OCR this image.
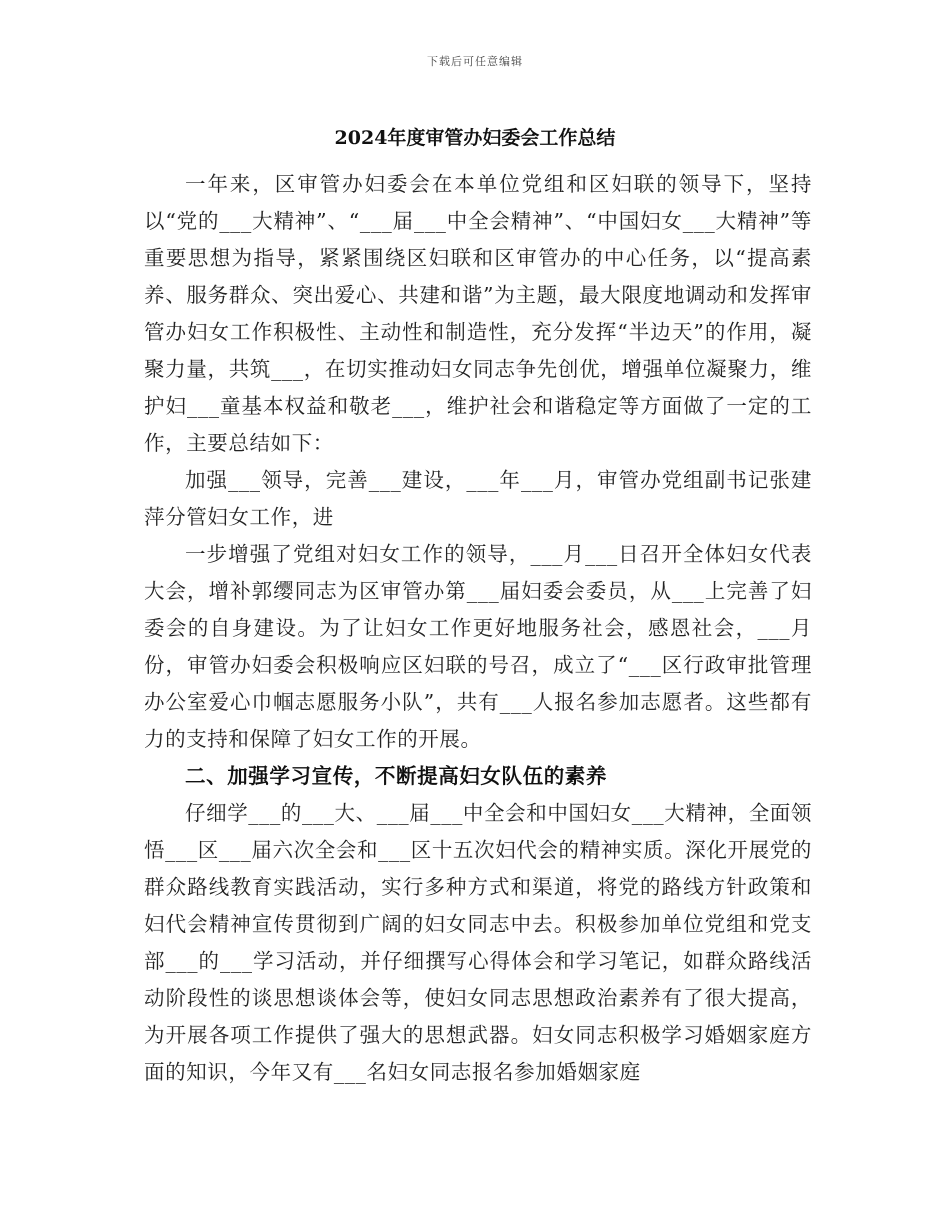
下载后可任意编辑
2024年度审管办妇委会工作总结

一年来，区审管办妇委会在本单位党组和区妇联的领导下，坚持以“党的___大精神”、“___届___中全会精神”、“中国妇女___大精神”等重要思想为指导，紧紧围绕区妇联和区审管办的中心任务，以“提高素养、服务群众、突出爱心、共建和谐”为主题，最大限度地调动和发挥审管办妇女工作积极性、主动性和制造性，充分发挥“半边天”的作用，凝聚力量，共筑___，在切实推动妇女同志争先创优，增强单位凝聚力，维护妇___童基本权益和敬老___，维护社会和谐稳定等方面做了一定的工作，主要总结如下：

加强___领导，完善___建设，___年___月，审管办党组副书记张建萍分管妇女工作，进

一步增强了党组对妇女工作的领导，___月___日召开全体妇女代表大会，增补郭缨同志为区审管办第___届妇委会委员，从___上完善了妇委会的自身建设。为了让妇女工作更好地服务社会，感恩社会，___月份，审管办妇委会积极响应区妇联的号召，成立了“___区行政审批管理办公室爱心巾帼志愿服务小队”，共有___人报名参加志愿者。这些都有力的支持和保障了妇女工作的开展。

二、加强学习宣传，不断提高妇女队伍的素养

仔细学___的___大、___届___中全会和中国妇女___大精神，全面领悟___区___届六次全会和___区十五次妇代会的精神实质。深化开展党的群众路线教育实践活动，实行多种方式和渠道，将党的路线方针政策和妇代会精神宣传贯彻到广阔的妇女同志中去。积极参加单位党组和党支部___的___学习活动，并仔细撰写心得体会和学习笔记，如群众路线活动阶段性的谈思想谈体会等，使妇女同志思想政治素养有了很大提高，为开展各项工作提供了强大的思想武器。妇女同志积极学习婚姻家庭方面的知识，今年又有___名妇女同志报名参加婚姻家庭
